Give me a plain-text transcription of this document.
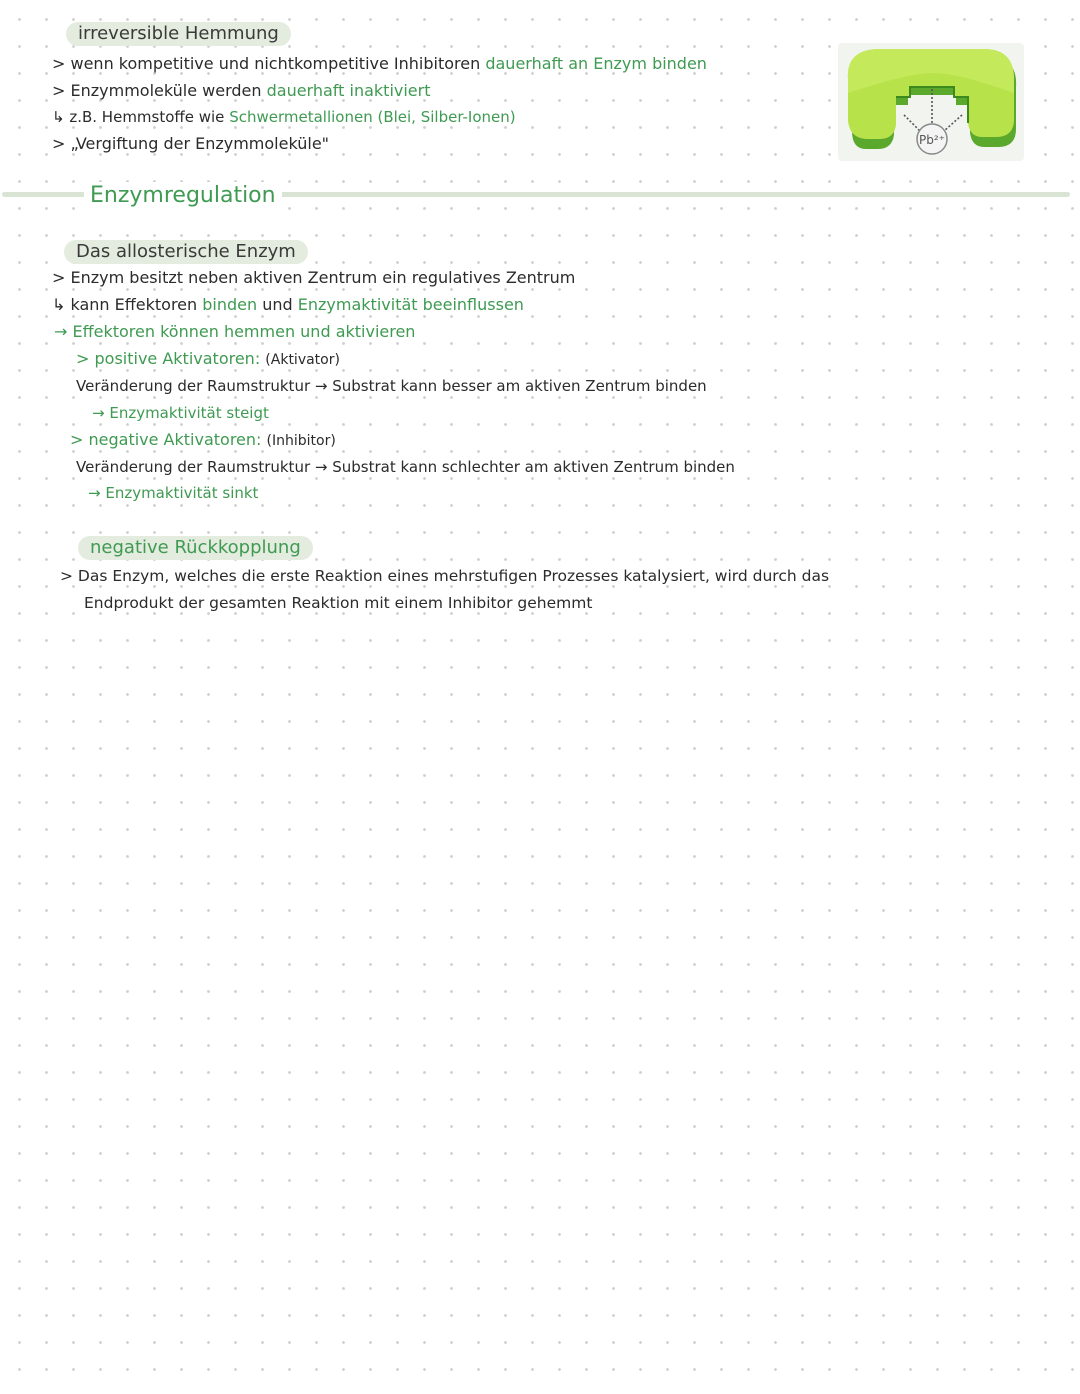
irreversible Hemmung
> wenn kompetitive und nichtkompetitive Inhibitoren dauerhaft an Enzym binden
> Enzymmoleküle werden dauerhaft inaktiviert
↳ z.B. Hemmstoffe wie Schwermetallionen (Blei, Silber-Ionen)
> „Vergiftung der Enzymmoleküle"	Pb²⁺
Enzymregulation
Das allosterische Enzym
> Enzym besitzt neben aktiven Zentrum ein regulatives Zentrum
↳ kann Effektoren binden und Enzymaktivität beeinflussen
→ Effektoren können hemmen und aktivieren
> positive Aktivatoren: (Aktivator)
Veränderung der Raumstruktur → Substrat kann besser am aktiven Zentrum binden
→ Enzymaktivität steigt
> negative Aktivatoren: (Inhibitor)
Veränderung der Raumstruktur → Substrat kann schlechter am aktiven Zentrum binden
→ Enzymaktivität sinkt
negative Rückkopplung
> Das Enzym, welches die erste Reaktion eines mehrstufigen Prozesses katalysiert, wird durch das
Endprodukt der gesamten Reaktion mit einem Inhibitor gehemmt
